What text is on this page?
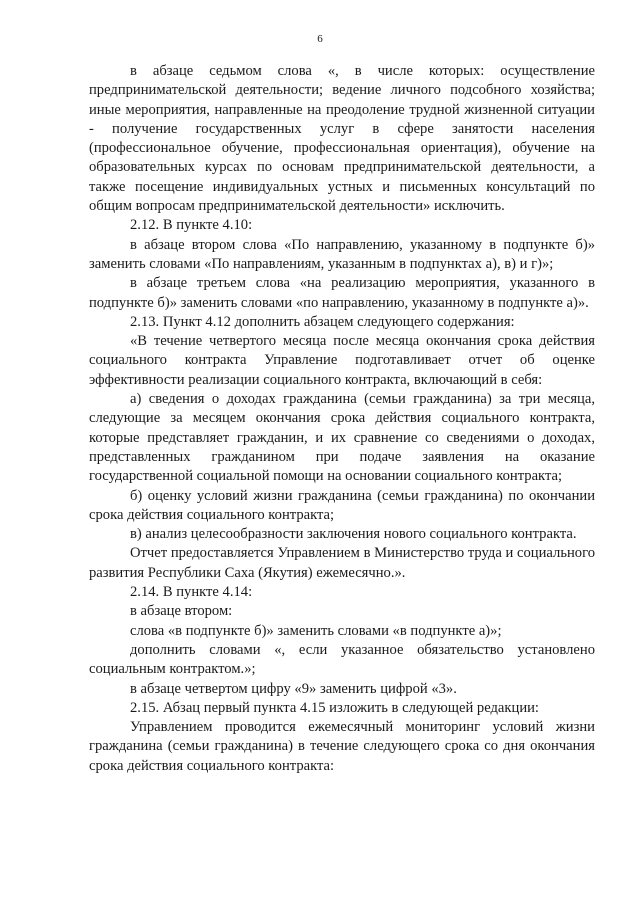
6

в абзаце седьмом слова «, в числе которых: осуществление предпринимательской деятельности; ведение личного подсобного хозяйства; иные мероприятия, направленные на преодоление трудной жизненной ситуации - получение государственных услуг в сфере занятости населения (профессиональное обучение, профессиональная ориентация), обучение на образовательных курсах по основам предпринимательской деятельности, а также посещение индивидуальных устных и письменных консультаций по общим вопросам предпринимательской деятельности» исключить.

2.12. В пункте 4.10:

в абзаце втором слова «По направлению, указанному в подпункте б)» заменить словами «По направлениям, указанным в подпунктах а), в) и г)»;

в абзаце третьем слова «на реализацию мероприятия, указанного в подпункте б)» заменить словами «по направлению, указанному в подпункте а)».

2.13. Пункт 4.12 дополнить абзацем следующего содержания:

«В течение четвертого месяца после месяца окончания срока действия социального контракта Управление подготавливает отчет об оценке эффективности реализации социального контракта, включающий в себя:

а) сведения о доходах гражданина (семьи гражданина) за три месяца, следующие за месяцем окончания срока действия социального контракта, которые представляет гражданин, и их сравнение со сведениями о доходах, представленных гражданином при подаче заявления на оказание государственной социальной помощи на основании социального контракта;

б) оценку условий жизни гражданина (семьи гражданина) по окончании срока действия социального контракта;

в) анализ целесообразности заключения нового социального контракта.

Отчет предоставляется Управлением в Министерство труда и социального развития Республики Саха (Якутия) ежемесячно.».

2.14. В пункте 4.14:

в абзаце втором:

слова «в подпункте б)» заменить словами «в подпункте а)»;

дополнить словами «, если указанное обязательство установлено социальным контрактом.»;

в абзаце четвертом цифру «9» заменить цифрой «3».

2.15. Абзац первый пункта 4.15 изложить в следующей редакции:

Управлением проводится ежемесячный мониторинг условий жизни гражданина (семьи гражданина) в течение следующего срока со дня окончания срока действия социального контракта:
